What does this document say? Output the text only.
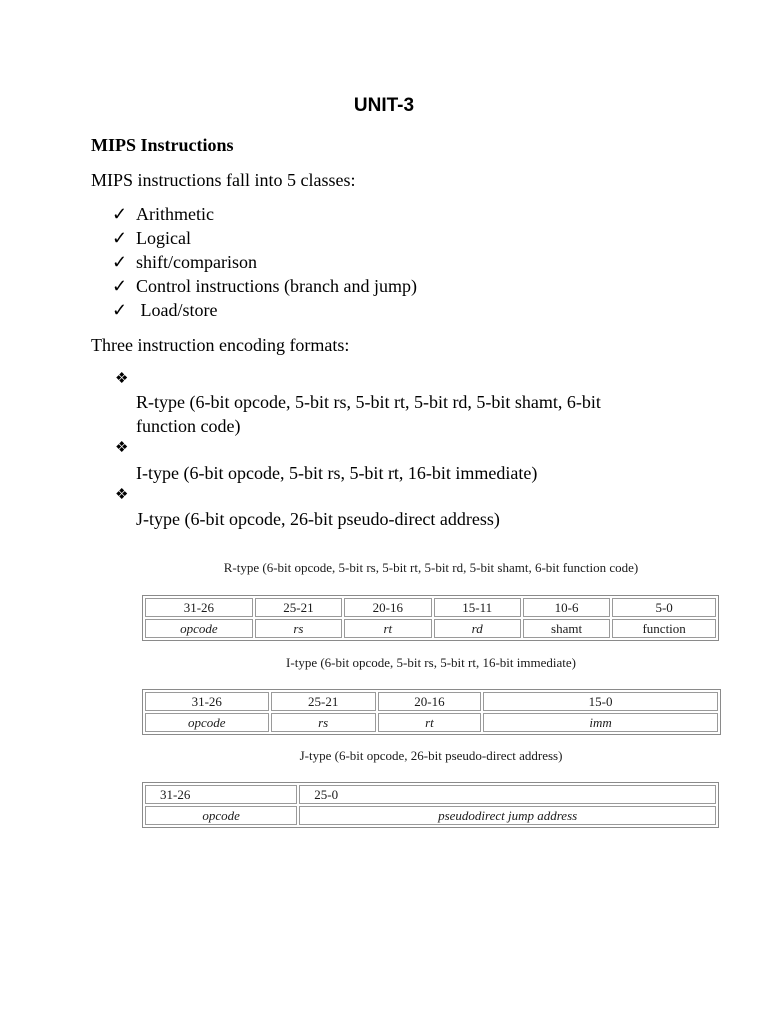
UNIT-3
MIPS Instructions
MIPS instructions fall into 5 classes:
✓ Arithmetic
✓ Logical
✓ shift/comparison
✓ Control instructions (branch and jump)
✓ Load/store
Three instruction encoding formats:
❖
R-type (6-bit opcode, 5-bit rs, 5-bit rt, 5-bit rd, 5-bit shamt, 6-bit
function code)
❖
I-type (6-bit opcode, 5-bit rs, 5-bit rt, 16-bit immediate)
❖
J-type (6-bit opcode, 26-bit pseudo-direct address)
R-type (6-bit opcode, 5-bit rs, 5-bit rt, 5-bit rd, 5-bit shamt, 6-bit function code)
31-26	25-21	20-16	15-11	10-6	5-0
opcode	rs	rt	rd	shamt	function
I-type (6-bit opcode, 5-bit rs, 5-bit rt, 16-bit immediate)
31-26	25-21	20-16	15-0
opcode	rs	rt	imm
J-type (6-bit opcode, 26-bit pseudo-direct address)
31-26	25-0
opcode	pseudodirect jump address
